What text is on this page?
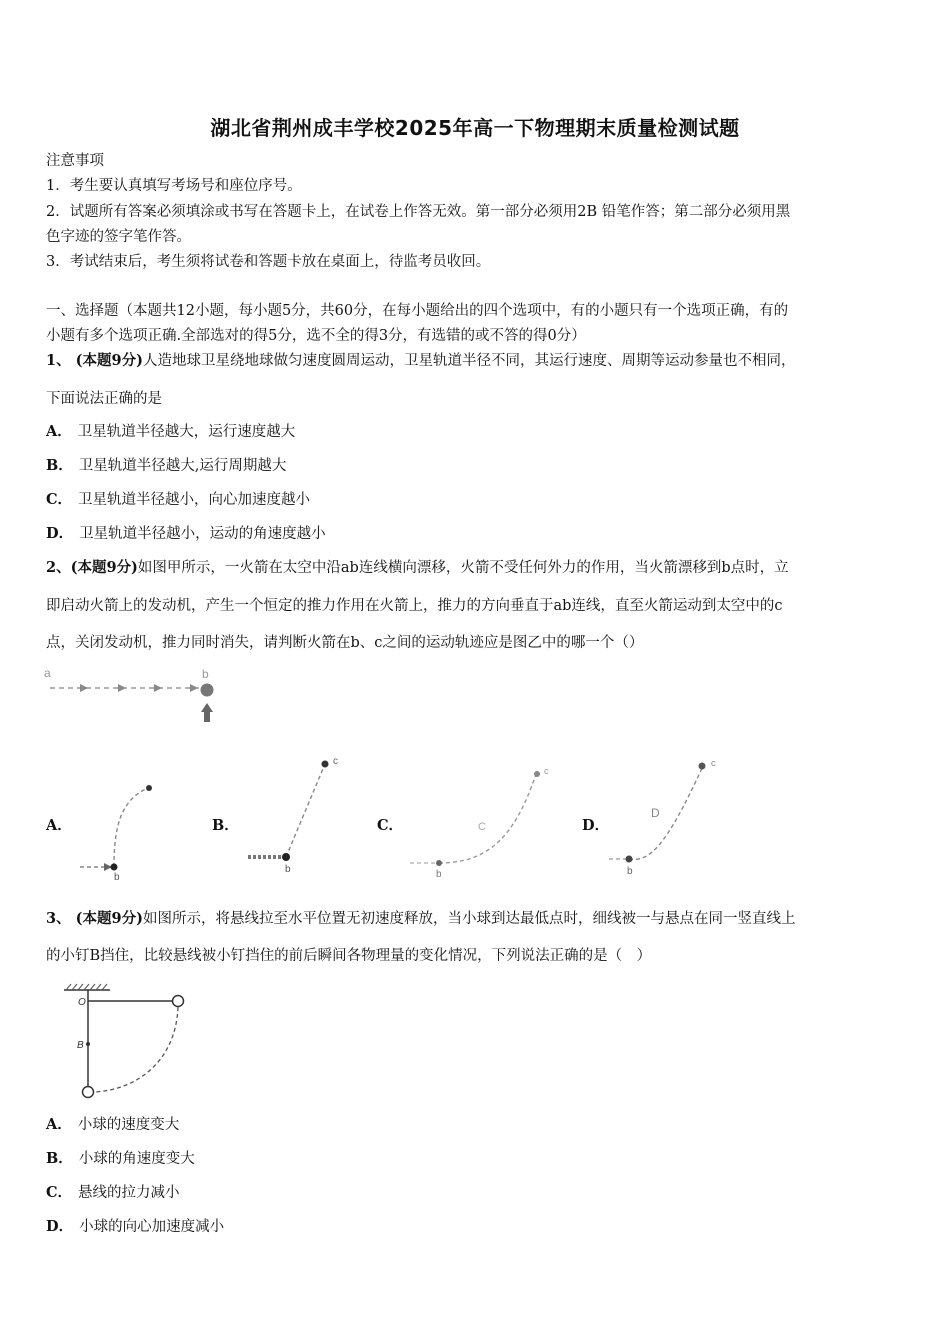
湖北省荆州成丰学校2025年高一下物理期末质量检测试题
注意事项
1．考生要认真填写考场号和座位序号。
2．试题所有答案必须填涂或书写在答题卡上，在试卷上作答无效。第一部分必须用2B 铅笔作答；第二部分必须用黑
色字迹的签字笔作答。
3．考试结束后，考生须将试卷和答题卡放在桌面上，待监考员收回。
一、选择题（本题共12小题，每小题5分，共60分，在每小题给出的四个选项中，有的小题只有一个选项正确，有的
小题有多个选项正确.全部选对的得5分，选不全的得3分，有选错的或不答的得0分）
1、 (本题9分)人造地球卫星绕地球做匀速度圆周运动，卫星轨道半径不同，其运行速度、周期等运动参量也不相同，
下面说法正确的是
A． 卫星轨道半径越大，运行速度越大
B． 卫星轨道半径越大,运行周期越大
C． 卫星轨道半径越小，向心加速度越小
D． 卫星轨道半径越小，运动的角速度越小
2、(本题9分)如图甲所示，一火箭在太空中沿ab连线横向漂移，火箭不受任何外力的作用，当火箭漂移到b点时，立
即启动火箭上的发动机，产生一个恒定的推力作用在火箭上，推力的方向垂直于ab连线，直至火箭运动到太空中的c
点，关闭发动机，推力同时消失，请判断火箭在b、c之间的运动轨迹应是图乙中的哪一个（）
a	b
A．	B．	C．	D．
b
c
b
c
C
b
c
D
b
3、 (本题9分)如图所示，将悬线拉至水平位置无初速度释放，当小球到达最低点时，细线被一与悬点在同一竖直线上
的小钉B挡住，比较悬线被小钉挡住的前后瞬间各物理量的变化情况，下列说法正确的是（　）
O
B
A． 小球的速度变大
B． 小球的角速度变大
C． 悬线的拉力减小
D． 小球的向心加速度减小
